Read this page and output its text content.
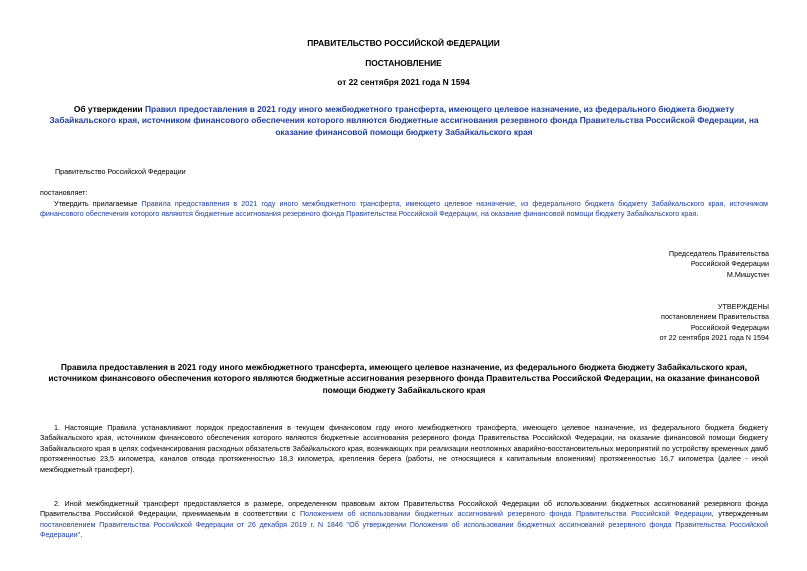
ПРАВИТЕЛЬСТВО РОССИЙСКОЙ ФЕДЕРАЦИИ
ПОСТАНОВЛЕНИЕ
от 22 сентября 2021 года N 1594
Об утверждении Правил предоставления в 2021 году иного межбюджетного трансферта, имеющего целевое назначение, из федерального бюджета бюджету Забайкальского края, источником финансового обеспечения которого являются бюджетные ассигнования резервного фонда Правительства Российской Федерации, на оказание финансовой помощи бюджету Забайкальского края
Правительство Российской Федерации
постановляет:
Утвердить прилагаемые Правила предоставления в 2021 году иного межбюджетного трансферта, имеющего целевое назначение, из федерального бюджета бюджету Забайкальского края, источником финансового обеспечения которого являются бюджетные ассигнования резервного фонда Правительства Российской Федерации, на оказание финансовой помощи бюджету Забайкальского края.
Председатель Правительства
Российской Федерации
М.Мишустин
УТВЕРЖДЕНЫ
постановлением Правительства
Российской Федерации
от 22 сентября 2021 года N 1594
Правила предоставления в 2021 году иного межбюджетного трансферта, имеющего целевое назначение, из федерального бюджета бюджету Забайкальского края, источником финансового обеспечения которого являются бюджетные ассигнования резервного фонда Правительства Российской Федерации, на оказание финансовой помощи бюджету Забайкальского края
1. Настоящие Правила устанавливают порядок предоставления в текущем финансовом году иного межбюджетного трансферта, имеющего целевое назначение, из федерального бюджета бюджету Забайкальского края, источником финансового обеспечения которого являются бюджетные ассигнования резервного фонда Правительства Российской Федерации, на оказание финансовой помощи бюджету Забайкальского края в целях софинансирования расходных обязательств Забайкальского края, возникающих при реализации неотложных аварийно-восстановительных мероприятий по устройству временных дамб протяженностью 23,5 километра, каналов отвода протяженностью 18,3 километра, крепления берега (работы, не относящиеся к капитальным вложениям) протяженностью 16,7 километра (далее - иной межбюджетный трансферт).
2. Иной межбюджетный трансферт предоставляется в размере, определенном правовым актом Правительства Российской Федерации об использовании бюджетных ассигнований резервного фонда Правительства Российской Федерации, принимаемым в соответствии с Положением об использовании бюджетных ассигнований резервного фонда Правительства Российской Федерации, утвержденным постановлением Правительства Российской Федерации от 26 декабря 2019 г. N 1846 "Об утверждении Положения об использовании бюджетных ассигнований резервного фонда Правительства Российской Федерации".
